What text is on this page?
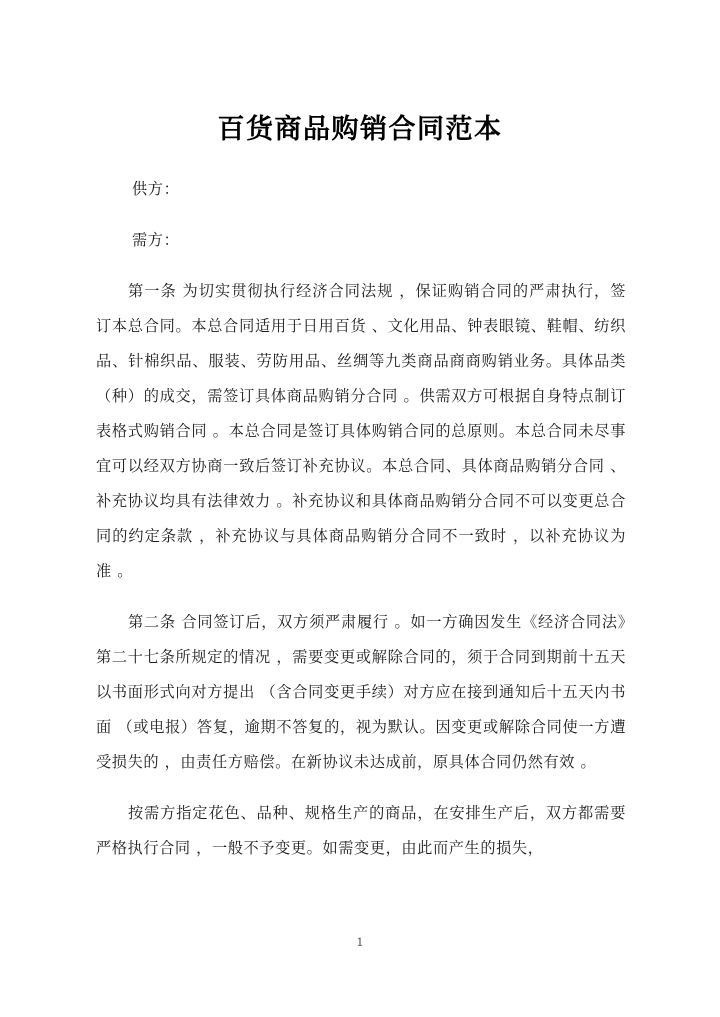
百货商品购销合同范本

供方：

需方：

第一条 为切实贯彻执行经济合同法规 ，保证购销合同的严肃执行，签订本总合同。本总合同适用于日用百货 、文化用品、钟表眼镜、鞋帽、纺织品、针棉织品、服装、劳防用品、丝绸等九类商品商商购销业务。具体品类（种）的成交，需签订具体商品购销分合同 。供需双方可根据自身特点制订表格式购销合同 。本总合同是签订具体购销合同的总原则。本总合同未尽事宜可以经双方协商一致后签订补充协议。本总合同、具体商品购销分合同 、补充协议均具有法律效力 。补充协议和具体商品购销分合同不可以变更总合同的约定条款 ，补充协议与具体商品购销分合同不一致时 ，以补充协议为准 。

第二条 合同签订后，双方须严肃履行 。如一方确因发生《经济合同法》第二十七条所规定的情况 ，需要变更或解除合同的，须于合同到期前十五天以书面形式向对方提出 （含合同变更手续）对方应在接到通知后十五天内书面 （或电报）答复，逾期不答复的，视为默认。因变更或解除合同使一方遭受损失的 ，由责任方赔偿。在新协议未达成前，原具体合同仍然有效 。

按需方指定花色、品种、规格生产的商品，在安排生产后，双方都需要严格执行合同 ，一般不予变更。如需变更，由此而产生的损失，

1
